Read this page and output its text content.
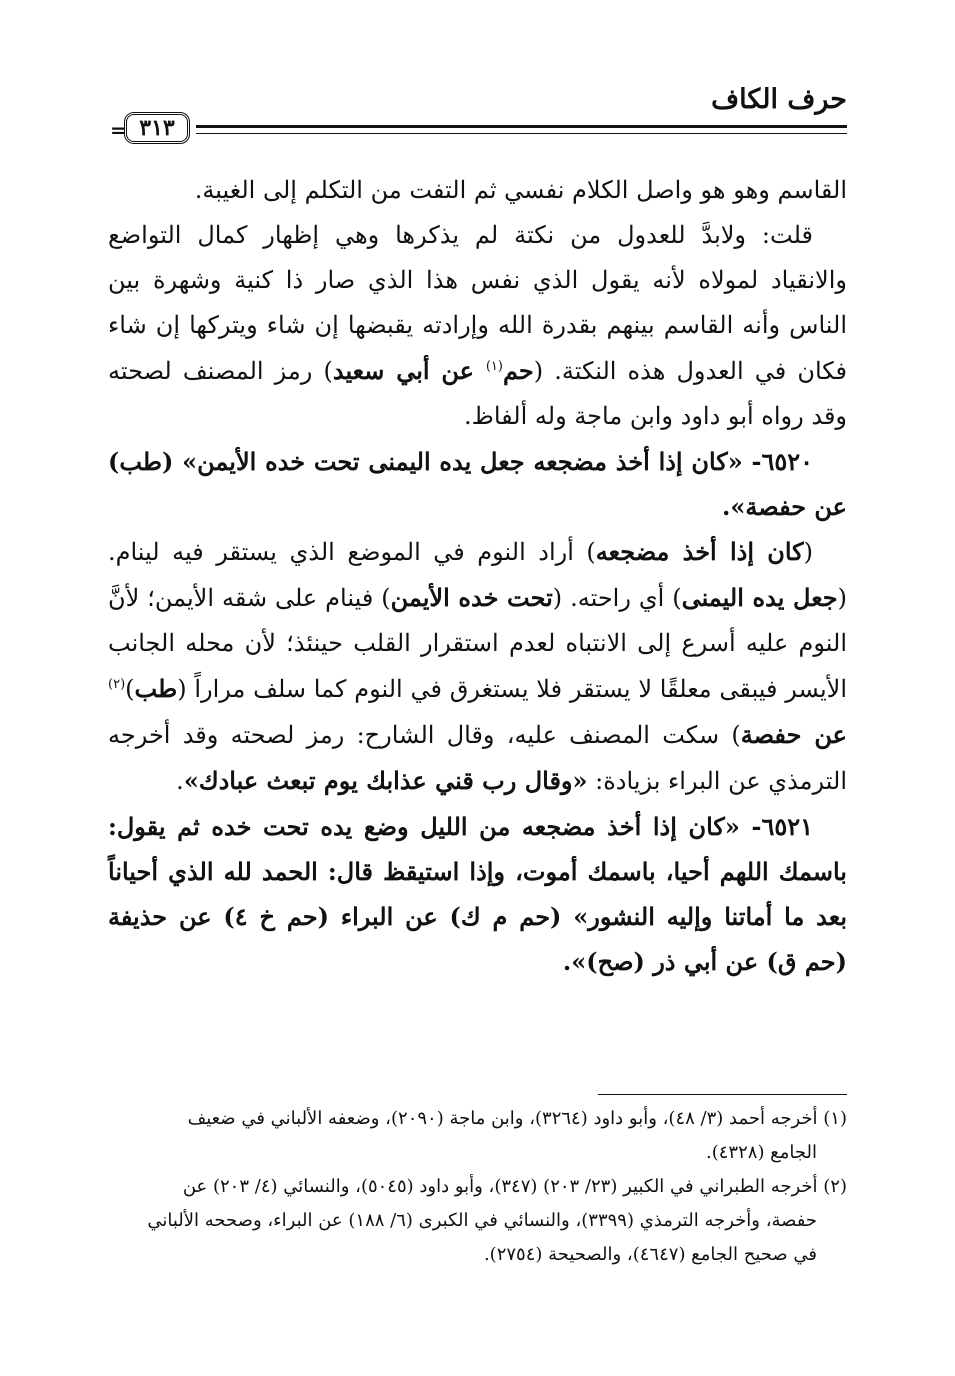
حرف الكاف
= ٣١٣

القاسم وهو هو واصل الكلام نفسي ثم التفت من التكلم إلى الغيبة.

قلت: ولابدَّ للعدول من نكتة لم يذكرها وهي إظهار كمال التواضع والانقياد لمولاه لأنه يقول الذي نفس هذا الذي صار ذا كنية وشهرة بين الناس وأنه القاسم بينهم بقدرة الله وإرادته يقبضها إن شاء ويتركها إن شاء فكان في العدول هذه النكتة. (حم$^{(١)}$ عن أبي سعيد) رمز المصنف لصحته وقد رواه أبو داود وابن ماجة وله ألفاظ.

٦٥٢٠- «كان إذا أخذ مضجعه جعل يده اليمنى تحت خده الأيمن» (طب) عن حفصة».

(كان إذا أخذ مضجعه) أراد النوم في الموضع الذي يستقر فيه لينام. (جعل يده اليمنى) أي راحته. (تحت خده الأيمن) فينام على شقه الأيمن؛ لأنَّ النوم عليه أسرع إلى الانتباه لعدم استقرار القلب حينئذ؛ لأن محله الجانب الأيسر فيبقى معلقًا لا يستقر فلا يستغرق في النوم كما سلف مراراً (طب)$^{(٢)}$ عن حفصة) سكت المصنف عليه، وقال الشارح: رمز لصحته وقد أخرجه الترمذي عن البراء بزيادة: «وقال رب قني عذابك يوم تبعث عبادك».

٦٥٢١- «كان إذا أخذ مضجعه من الليل وضع يده تحت خده ثم يقول: باسمك اللهم أحيا، باسمك أموت، وإذا استيقظ قال: الحمد لله الذي أحياناً بعد ما أماتنا وإليه النشور» (حم م ك) عن البراء (حم خ ٤) عن حذيفة (حم ق) عن أبي ذر (صح)».

(١) أخرجه أحمد (٣/ ٤٨)، وأبو داود (٣٢٦٤)، وابن ماجة (٢٠٩٠)، وضعفه الألباني في ضعيف

الجامع (٤٣٢٨).

(٢) أخرجه الطبراني في الكبير (٢٣/ ٢٠٣) (٣٤٧)، وأبو داود (٥٠٤٥)، والنسائي (٤/ ٢٠٣) عن

حفصة، وأخرجه الترمذي (٣٣٩٩)، والنسائي في الكبرى (٦/ ١٨٨) عن البراء، وصححه الألباني

في صحيح الجامع (٤٦٤٧)، والصحيحة (٢٧٥٤).
